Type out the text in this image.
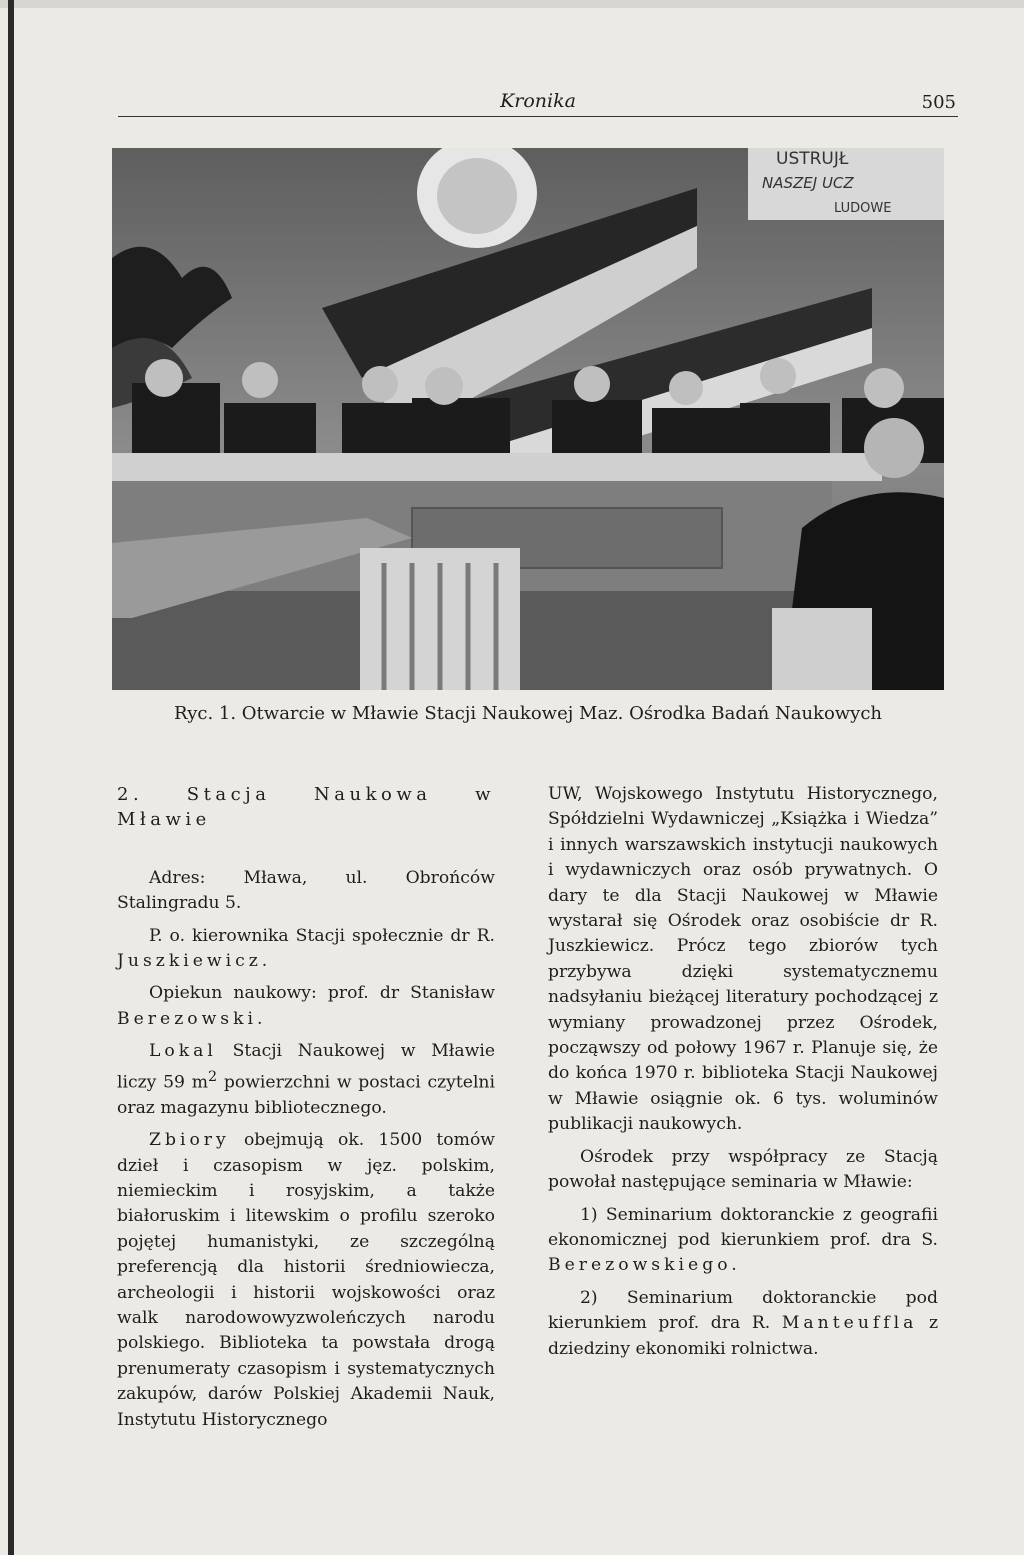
Kronika	505
USTRUJŁ
NASZEJ UCZ
LUDOWE
Ryc. 1. Otwarcie w Mławie Stacji Naukowej Maz. Ośrodka Badań Naukowych

2. Stacja Naukowa w Mławie

Adres: Mława, ul. Obrońców Stalingradu 5.

P. o. kierownika Stacji społecznie dr R. Juszkiewicz.

Opiekun naukowy: prof. dr Stanisław Berezowski.

Lokal Stacji Naukowej w Mławie liczy 59 $m^2$ powierzchni w postaci czytelni oraz magazynu bibliotecznego.

Zbiory obejmują ok. 1500 tomów dzieł i czasopism w jęz. polskim, niemieckim i rosyjskim, a także białoruskim i litewskim o profilu szeroko pojętej humanistyki, ze szczególną preferencją dla historii średniowiecza, archeologii i historii wojskowości oraz walk narodowowyzwoleńczych narodu polskiego. Biblioteka ta powstała drogą prenumeraty czasopism i systematycznych zakupów, darów Polskiej Akademii Nauk, Instytutu Historycznego

UW, Wojskowego Instytutu Historycznego, Spółdzielni Wydawniczej „Książka i Wiedza” i innych warszawskich instytucji naukowych i wydawniczych oraz osób prywatnych. O dary te dla Stacji Naukowej w Mławie wystarał się Ośrodek oraz osobiście dr R. Juszkiewicz. Prócz tego zbiorów tych przybywa dzięki systematycznemu nadsyłaniu bieżącej literatury pochodzącej z wymiany prowadzonej przez Ośrodek, począwszy od połowy 1967 r. Planuje się, że do końca 1970 r. biblioteka Stacji Naukowej w Mławie osiągnie ok. 6 tys. woluminów publikacji naukowych.

Ośrodek przy współpracy ze Stacją powołał następujące seminaria w Mławie:

1) Seminarium doktoranckie z geografii ekonomicznej pod kierunkiem prof. dra S. Berezowskiego.

2) Seminarium doktoranckie pod kierunkiem prof. dra R. Manteuffla z dziedziny ekonomiki rolnictwa.
